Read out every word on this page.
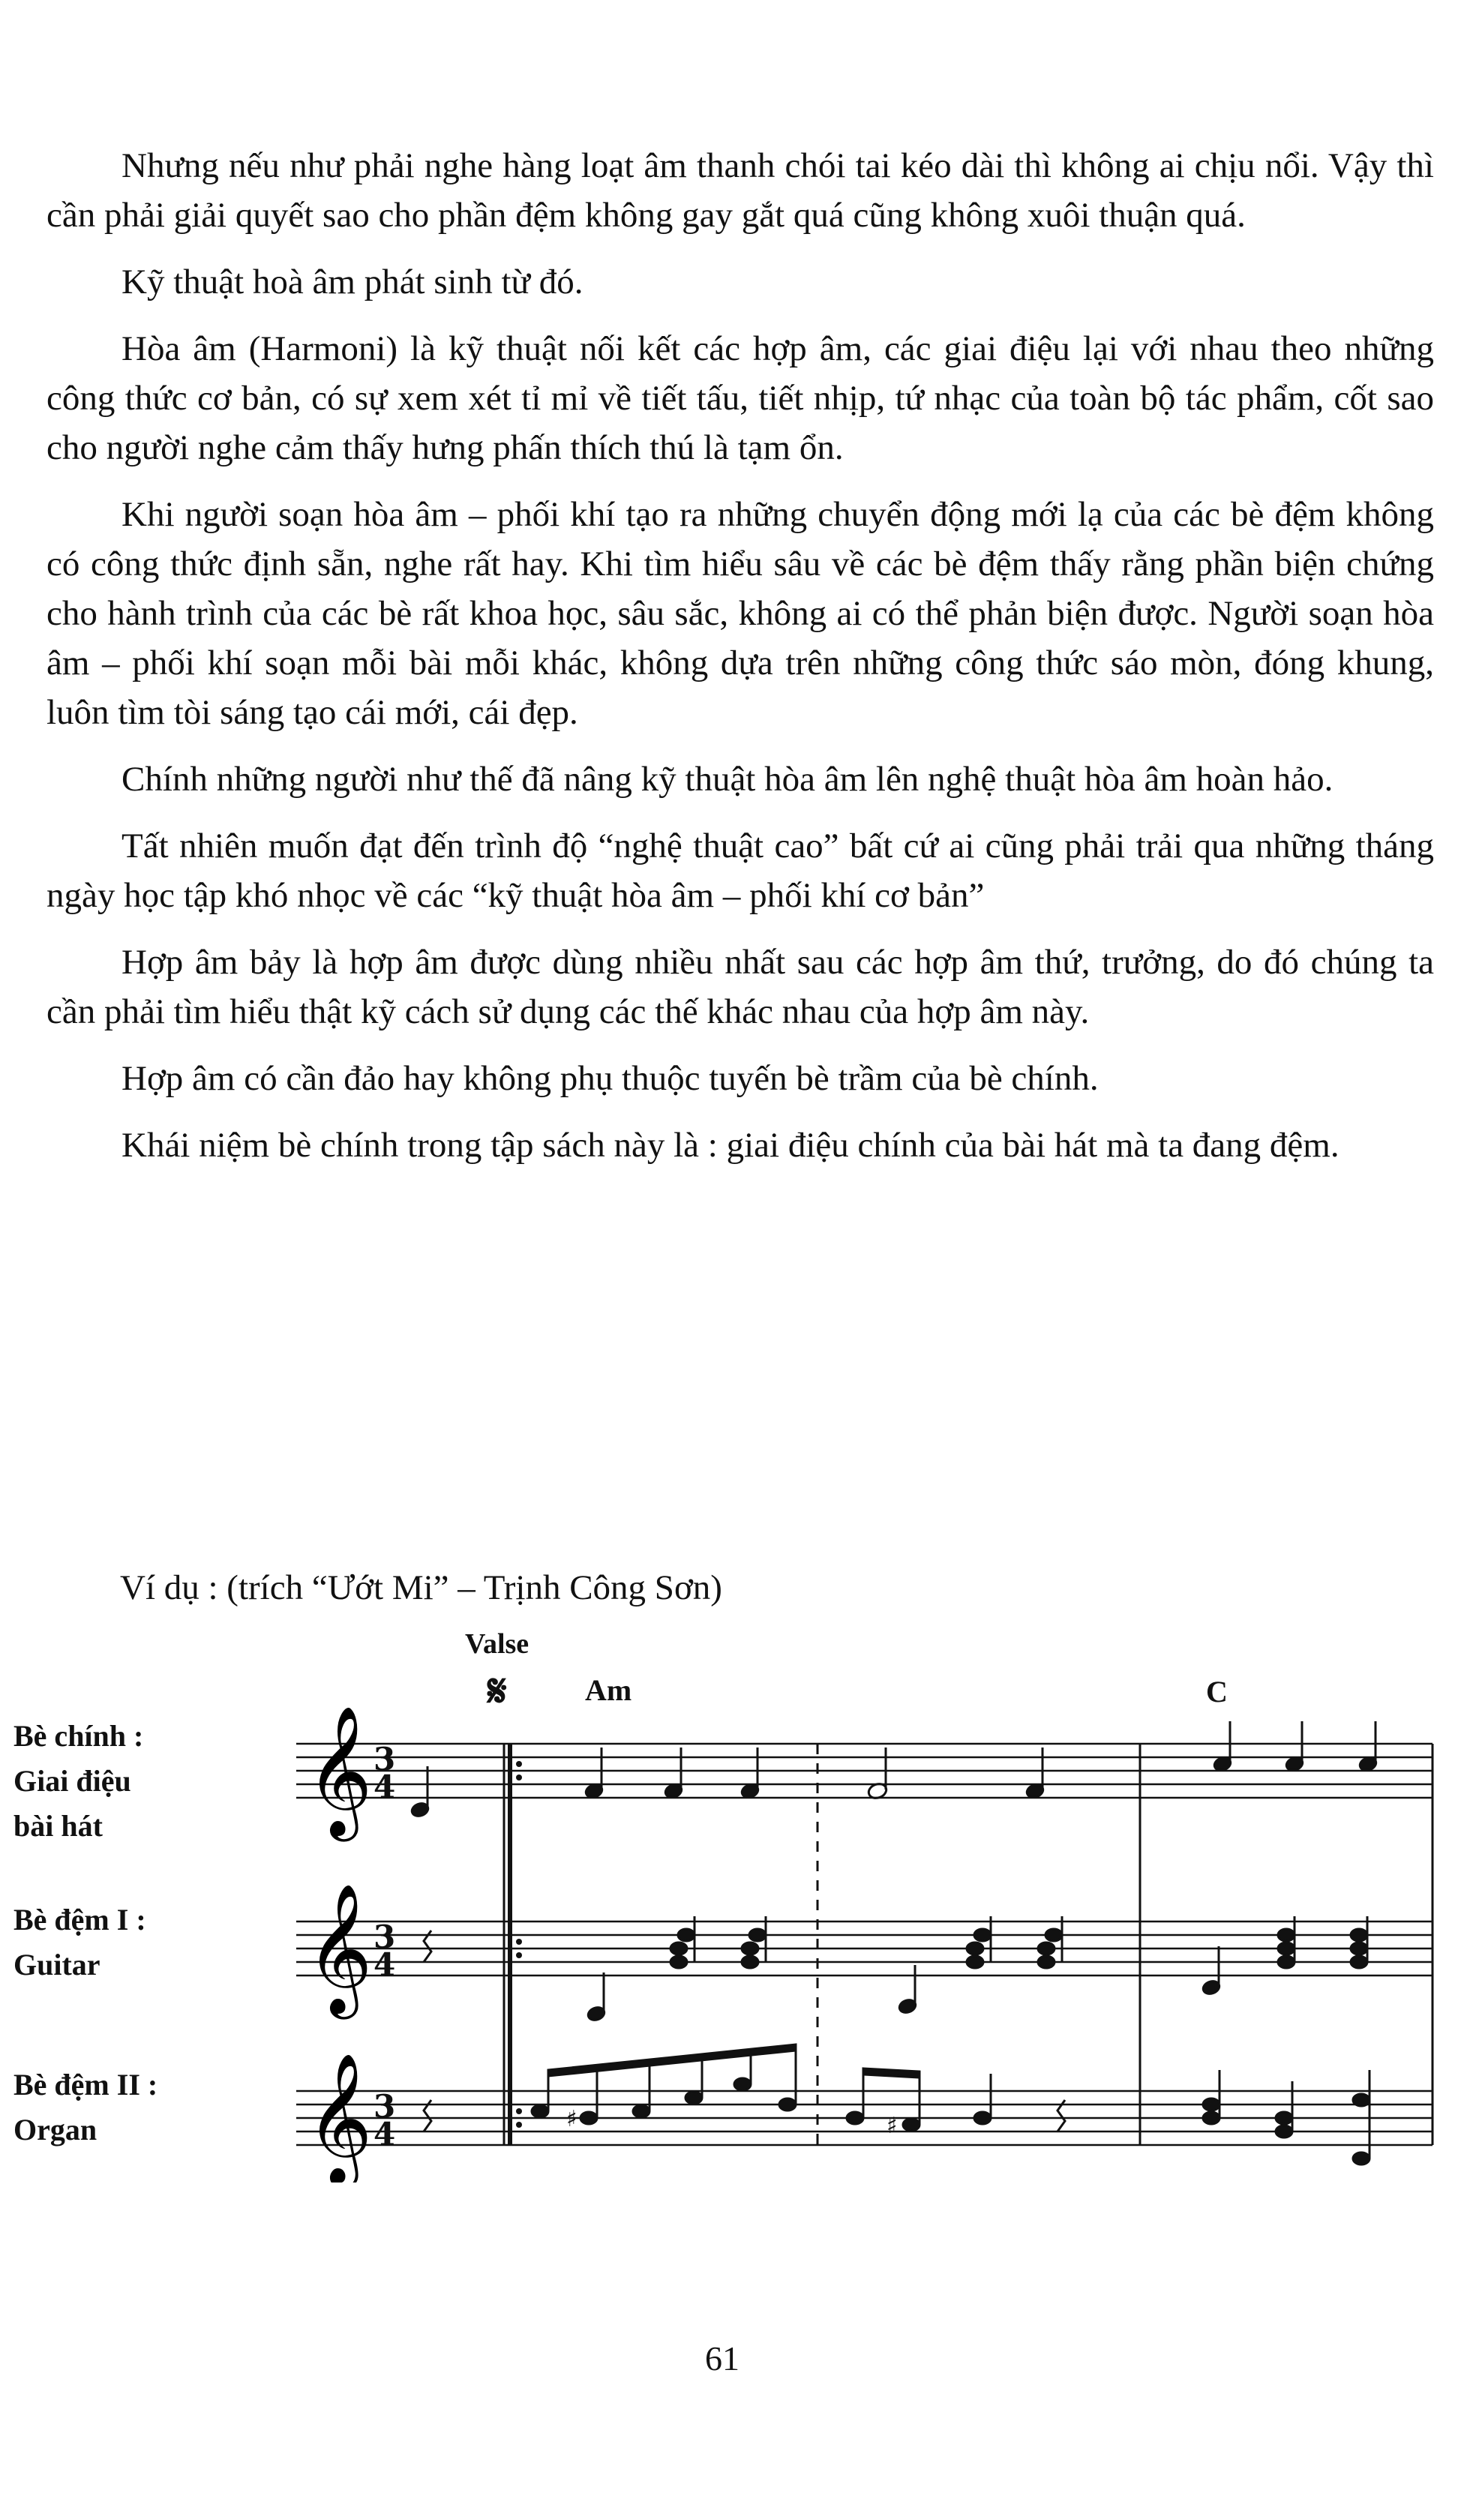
Nhưng nếu như phải nghe hàng loạt âm thanh chói tai kéo dài thì không ai chịu nổi. Vậy thì cần phải giải quyết sao cho phần đệm không gay gắt quá cũng không xuôi thuận quá.

Kỹ thuật hoà âm phát sinh từ đó.

Hòa âm (Harmoni) là kỹ thuật nối kết các hợp âm, các giai điệu lại với nhau theo những công thức cơ bản, có sự xem xét tỉ mỉ về tiết tấu, tiết nhịp, tứ nhạc của toàn bộ tác phẩm, cốt sao cho người nghe cảm thấy hưng phấn thích thú là tạm ổn.

Khi người soạn hòa âm – phối khí tạo ra những chuyển động mới lạ của các bè đệm không có công thức định sẵn, nghe rất hay. Khi tìm hiểu sâu về các bè đệm thấy rằng phần biện chứng cho hành trình của các bè rất khoa học, sâu sắc, không ai có thể phản biện được. Người soạn hòa âm – phối khí soạn mỗi bài mỗi khác, không dựa trên những công thức sáo mòn, đóng khung, luôn tìm tòi sáng tạo cái mới, cái đẹp.

Chính những người như thế đã nâng kỹ thuật hòa âm lên nghệ thuật hòa âm hoàn hảo.

Tất nhiên muốn đạt đến trình độ “nghệ thuật cao” bất cứ ai cũng phải trải qua những tháng ngày học tập khó nhọc về các “kỹ thuật hòa âm – phối khí cơ bản”

Hợp âm bảy là hợp âm được dùng nhiều nhất sau các hợp âm thứ, trưởng, do đó chúng ta cần phải tìm hiểu thật kỹ cách sử dụng các thế khác nhau của hợp âm này.

Hợp âm có cần đảo hay không phụ thuộc tuyến bè trầm của bè chính.

Khái niệm bè chính trong tập sách này là : giai điệu chính của bài hát mà ta đang đệm.

Ví dụ : (trích “Ướt Mi” – Trịnh Công Sơn)
Valse
𝄋	Am	C
Bè chính :
Giai điệu
bài hát
Bè đệm I :
Guitar
Bè đệm II :
Organ
𝄞
𝄞
𝄞
3
4
3
4
3
4	♯	♯
61
